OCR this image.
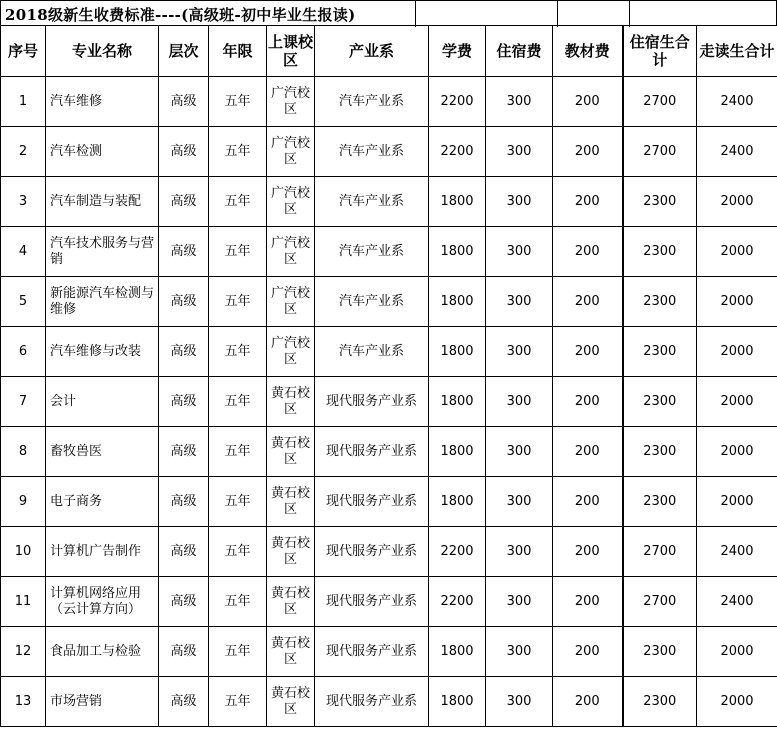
2018级新生收费标准----(高级班-初中毕业生报读)
序号	专业名称	层次	年限	上课校区	产业系	学费	住宿费	教材费	住宿生合计	走读生合计
1	汽车维修	高级	五年	广汽校区	汽车产业系	2200	300	200	2700	2400
2	汽车检测	高级	五年	广汽校区	汽车产业系	2200	300	200	2700	2400
3	汽车制造与装配	高级	五年	广汽校区	汽车产业系	1800	300	200	2300	2000
4	汽车技术服务与营销	高级	五年	广汽校区	汽车产业系	1800	300	200	2300	2000
5	新能源汽车检测与维修	高级	五年	广汽校区	汽车产业系	1800	300	200	2300	2000
6	汽车维修与改装	高级	五年	广汽校区	汽车产业系	1800	300	200	2300	2000
7	会计	高级	五年	黄石校区	现代服务产业系	1800	300	200	2300	2000
8	畜牧兽医	高级	五年	黄石校区	现代服务产业系	1800	300	200	2300	2000
9	电子商务	高级	五年	黄石校区	现代服务产业系	1800	300	200	2300	2000
10	计算机广告制作	高级	五年	黄石校区	现代服务产业系	2200	300	200	2700	2400
11	计算机网络应用（云计算方向）	高级	五年	黄石校区	现代服务产业系	2200	300	200	2700	2400
12	食品加工与检验	高级	五年	黄石校区	现代服务产业系	1800	300	200	2300	2000
13	市场营销	高级	五年	黄石校区	现代服务产业系	1800	300	200	2300	2000
